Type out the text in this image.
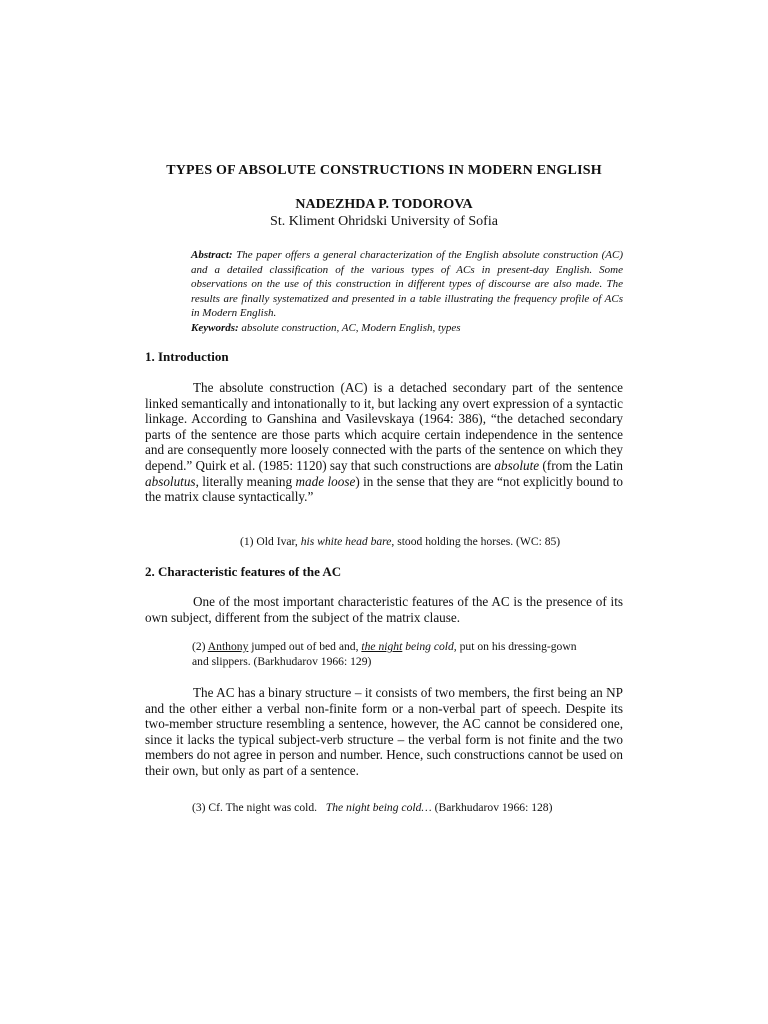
TYPES OF ABSOLUTE CONSTRUCTIONS IN MODERN ENGLISH
NADEZHDA P. TODOROVA
St. Kliment Ohridski University of Sofia
Abstract: The paper offers a general characterization of the English absolute construction (AC) and a detailed classification of the various types of ACs in present-day English. Some observations on the use of this construction in different types of discourse are also made. The results are finally systematized and presented in a table illustrating the frequency profile of ACs in Modern English.
Keywords: absolute construction, AC, Modern English, types
1. Introduction
The absolute construction (AC) is a detached secondary part of the sentence linked semantically and intonationally to it, but lacking any overt expression of a syntactic linkage. According to Ganshina and Vasilevskaya (1964: 386), “the detached secondary parts of the sentence are those parts which acquire certain independence in the sentence and are consequently more loosely connected with the parts of the sentence on which they depend.” Quirk et al. (1985: 1120) say that such constructions are absolute (from the Latin absolutus, literally meaning made loose) in the sense that they are “not explicitly bound to the matrix clause syntactically.”
(1) Old Ivar, his white head bare, stood holding the horses. (WC: 85)
2. Characteristic features of the AC
One of the most important characteristic features of the AC is the presence of its own subject, different from the subject of the matrix clause.
(2) Anthony jumped out of bed and, the night being cold, put on his dressing-gown
and slippers. (Barkhudarov 1966: 129)
The AC has a binary structure – it consists of two members, the first being an NP and the other either a verbal non-finite form or a non-verbal part of speech. Despite its two-member structure resembling a sentence, however, the AC cannot be considered one, since it lacks the typical subject-verb structure – the verbal form is not finite and the two members do not agree in person and number. Hence, such constructions cannot be used on their own, but only as part of a sentence.
(3) Cf. The night was cold.   The night being cold… (Barkhudarov 1966: 128)
